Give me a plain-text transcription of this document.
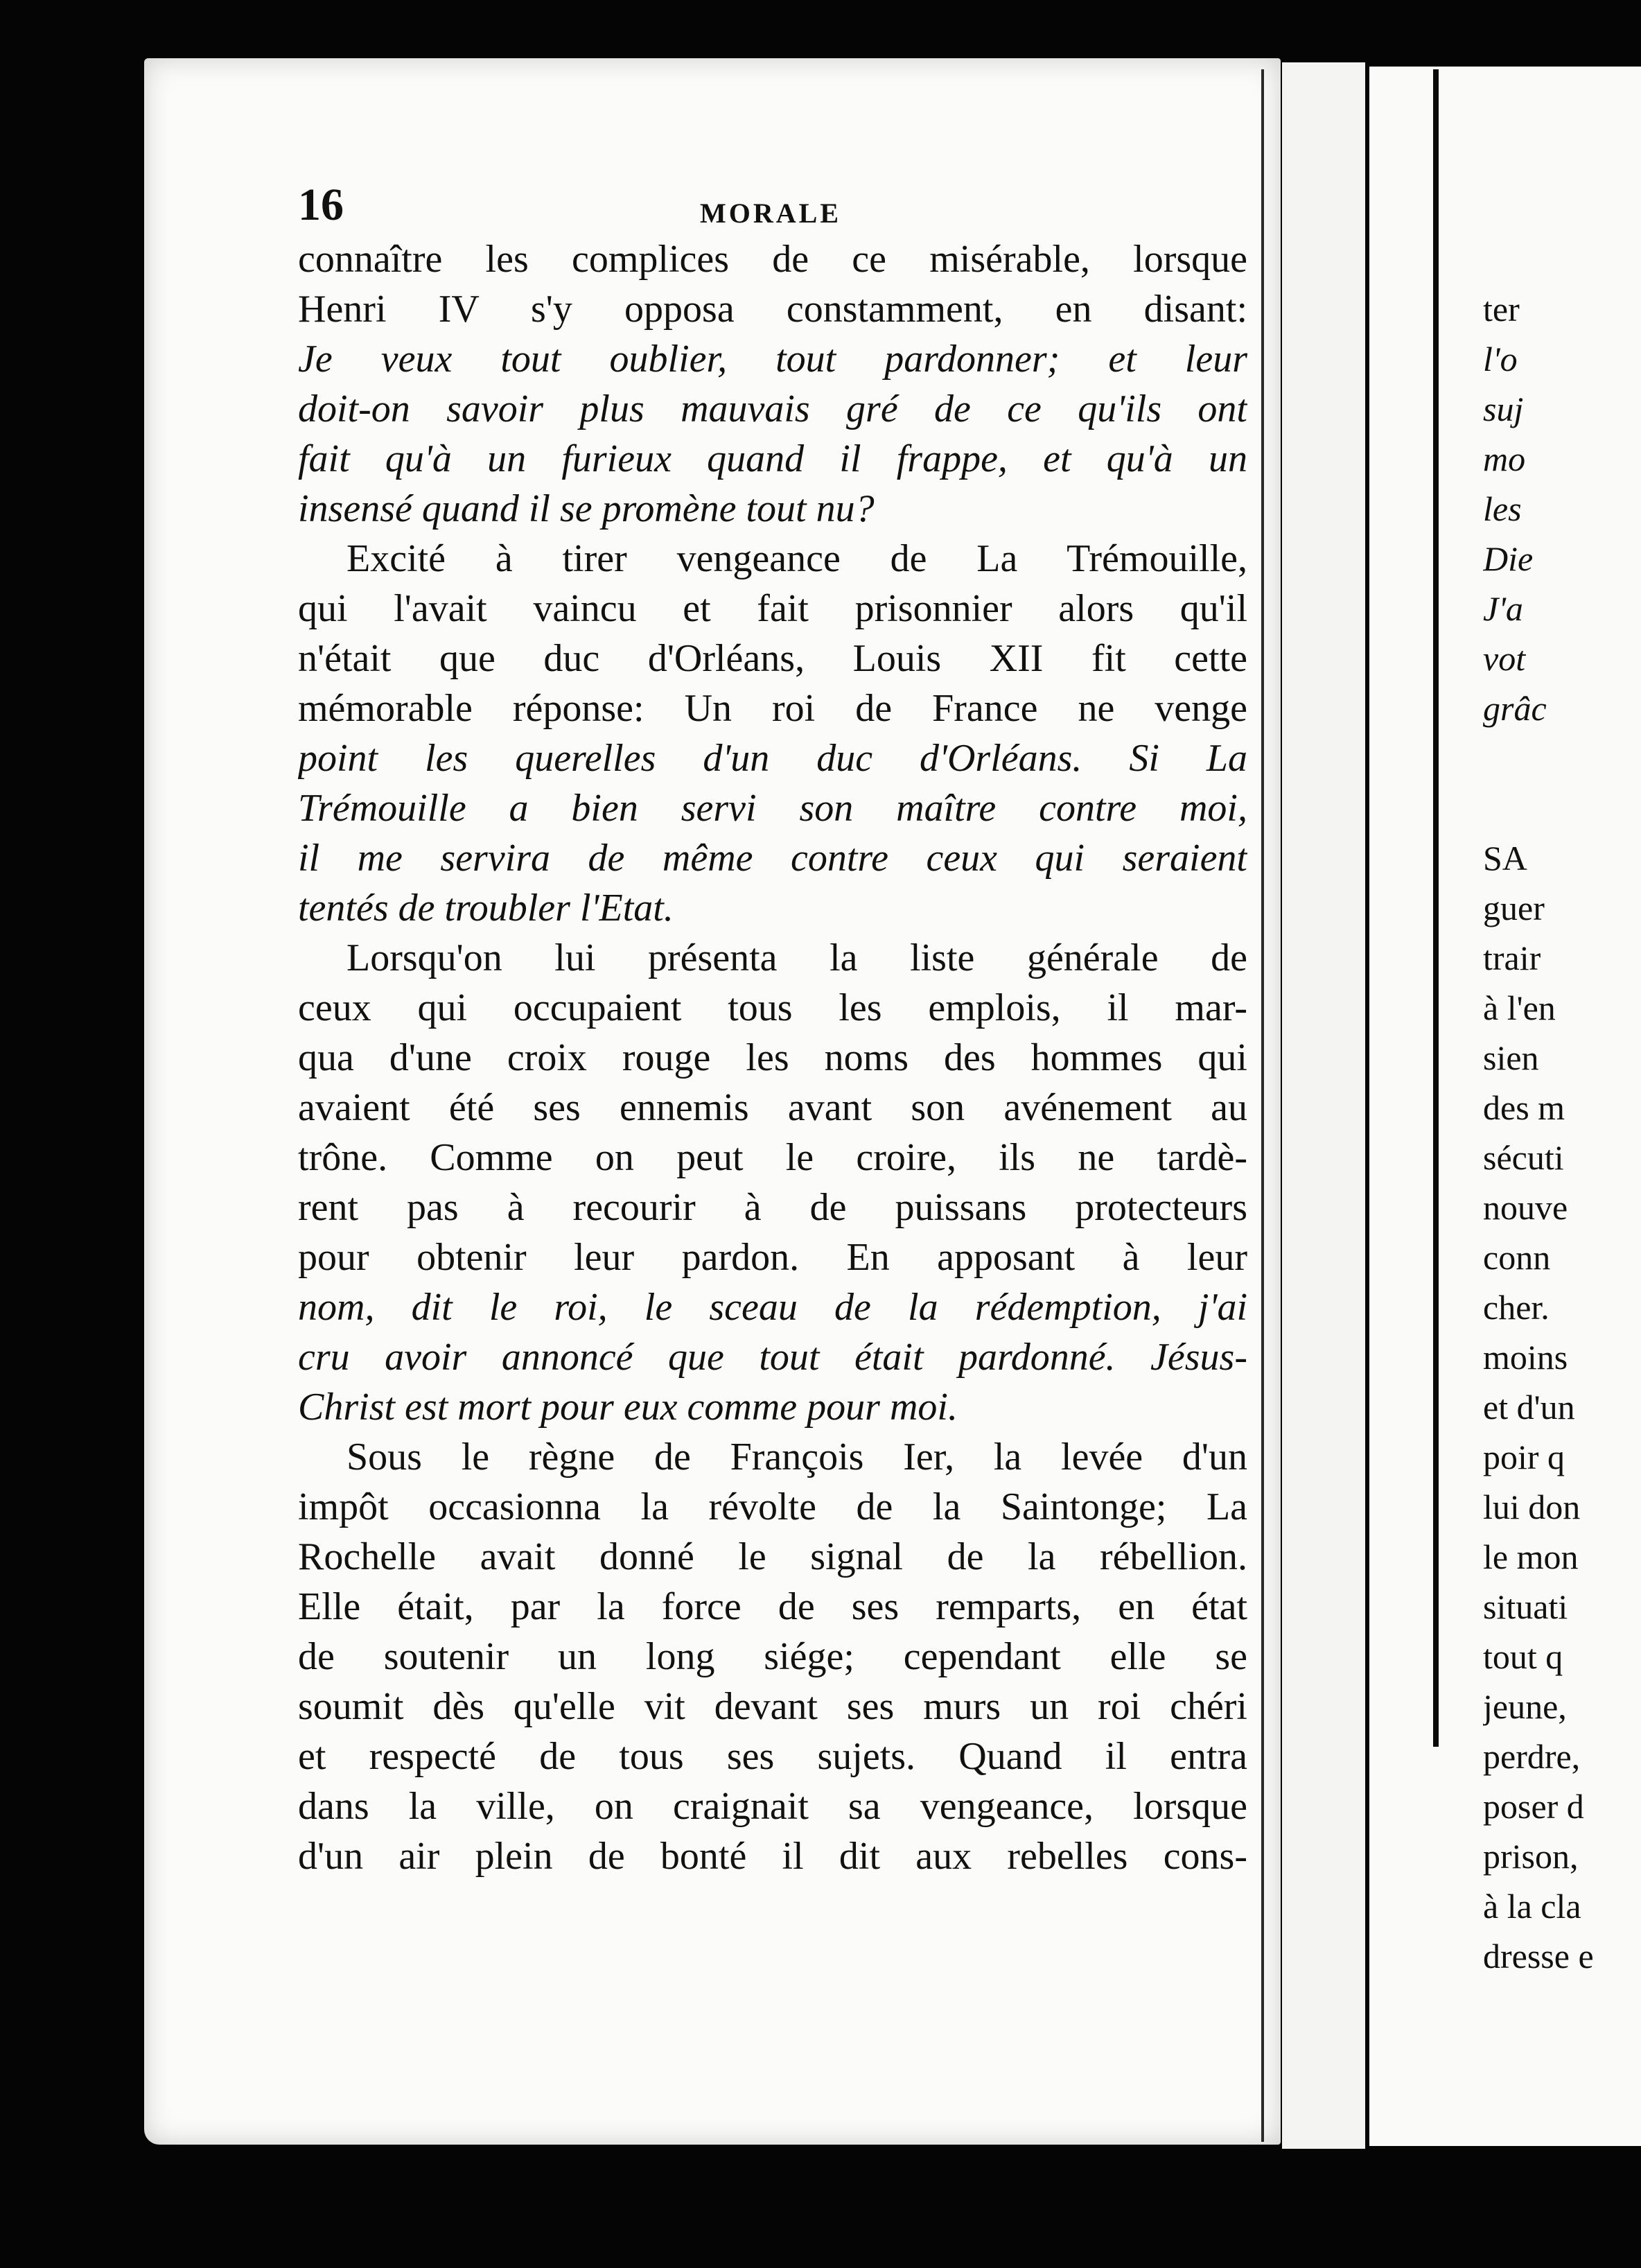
16	MORALE
connaître les complices de ce misérable, lorsque
Henri IV s'y opposa constamment, en disant:
Je veux tout oublier, tout pardonner; et leur
doit-on savoir plus mauvais gré de ce qu'ils ont
fait qu'à un furieux quand il frappe, et qu'à un
insensé quand il se promène tout nu?
Excité à tirer vengeance de La Trémouille,
qui l'avait vaincu et fait prisonnier alors qu'il
n'était que duc d'Orléans, Louis XII fit cette
mémorable réponse: Un roi de France ne venge
point les querelles d'un duc d'Orléans. Si La
Trémouille a bien servi son maître contre moi,
il me servira de même contre ceux qui seraient
tentés de troubler l'Etat.
Lorsqu'on lui présenta la liste générale de
ceux qui occupaient tous les emplois, il mar-
qua d'une croix rouge les noms des hommes qui
avaient été ses ennemis avant son avénement au
trône. Comme on peut le croire, ils ne tardè-
rent pas à recourir à de puissans protecteurs
pour obtenir leur pardon. En apposant à leur
nom, dit le roi, le sceau de la rédemption, j'ai
cru avoir annoncé que tout était pardonné. Jésus-
Christ est mort pour eux comme pour moi.
Sous le règne de François Ier, la levée d'un
impôt occasionna la révolte de la Saintonge; La
Rochelle avait donné le signal de la rébellion.
Elle était, par la force de ses remparts, en état
de soutenir un long siége; cependant elle se
soumit dès qu'elle vit devant ses murs un roi chéri
et respecté de tous ses sujets. Quand il entra
dans la ville, on craignait sa vengeance, lorsque
d'un air plein de bonté il dit aux rebelles cons-
ter
l'o
suj
mo
les
Die
J'a
vot
grâc
SA
guer
trair
à l'en
sien
des m
sécuti
nouve
conn
cher.
moins
et d'un
poir q
lui don
le mon
situati
tout q
jeune,
perdre,
poser d
prison,
à la cla
dresse e
